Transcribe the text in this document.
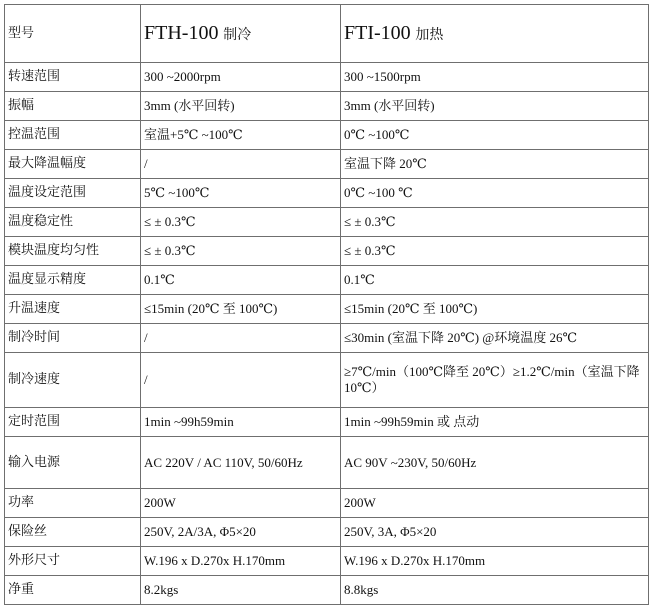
型号	FTH-100 制冷	FTI-100 加热
转速范围	300 ~2000rpm	300 ~1500rpm
振幅	3mm (水平回转)	3mm (水平回转)
控温范围	室温+5℃ ~100℃	0℃ ~100℃
最大降温幅度	/	室温下降 20℃
温度设定范围	5℃ ~100℃	0℃ ~100 ℃
温度稳定性	≤ ± 0.3℃	≤ ± 0.3℃
模块温度均匀性	≤ ± 0.3℃	≤ ± 0.3℃
温度显示精度	0.1℃	0.1℃
升温速度	≤15min (20℃ 至 100℃)	≤15min (20℃ 至 100℃)
制冷时间	/	≤30min (室温下降 20℃) @环境温度 26℃
制冷速度	/	≥7℃/min（100℃降至 20℃）≥1.2℃/min（室温下降 10℃）
定时范围	1min ~99h59min	1min ~99h59min 或 点动
输入电源	AC 220V / AC 110V, 50/60Hz	AC 90V ~230V, 50/60Hz
功率	200W	200W
保险丝	250V, 2A/3A, Φ5×20	250V, 3A, Φ5×20
外形尺寸	W.196 x D.270x H.170mm	W.196 x D.270x H.170mm
净重	8.2kgs	8.8kgs
